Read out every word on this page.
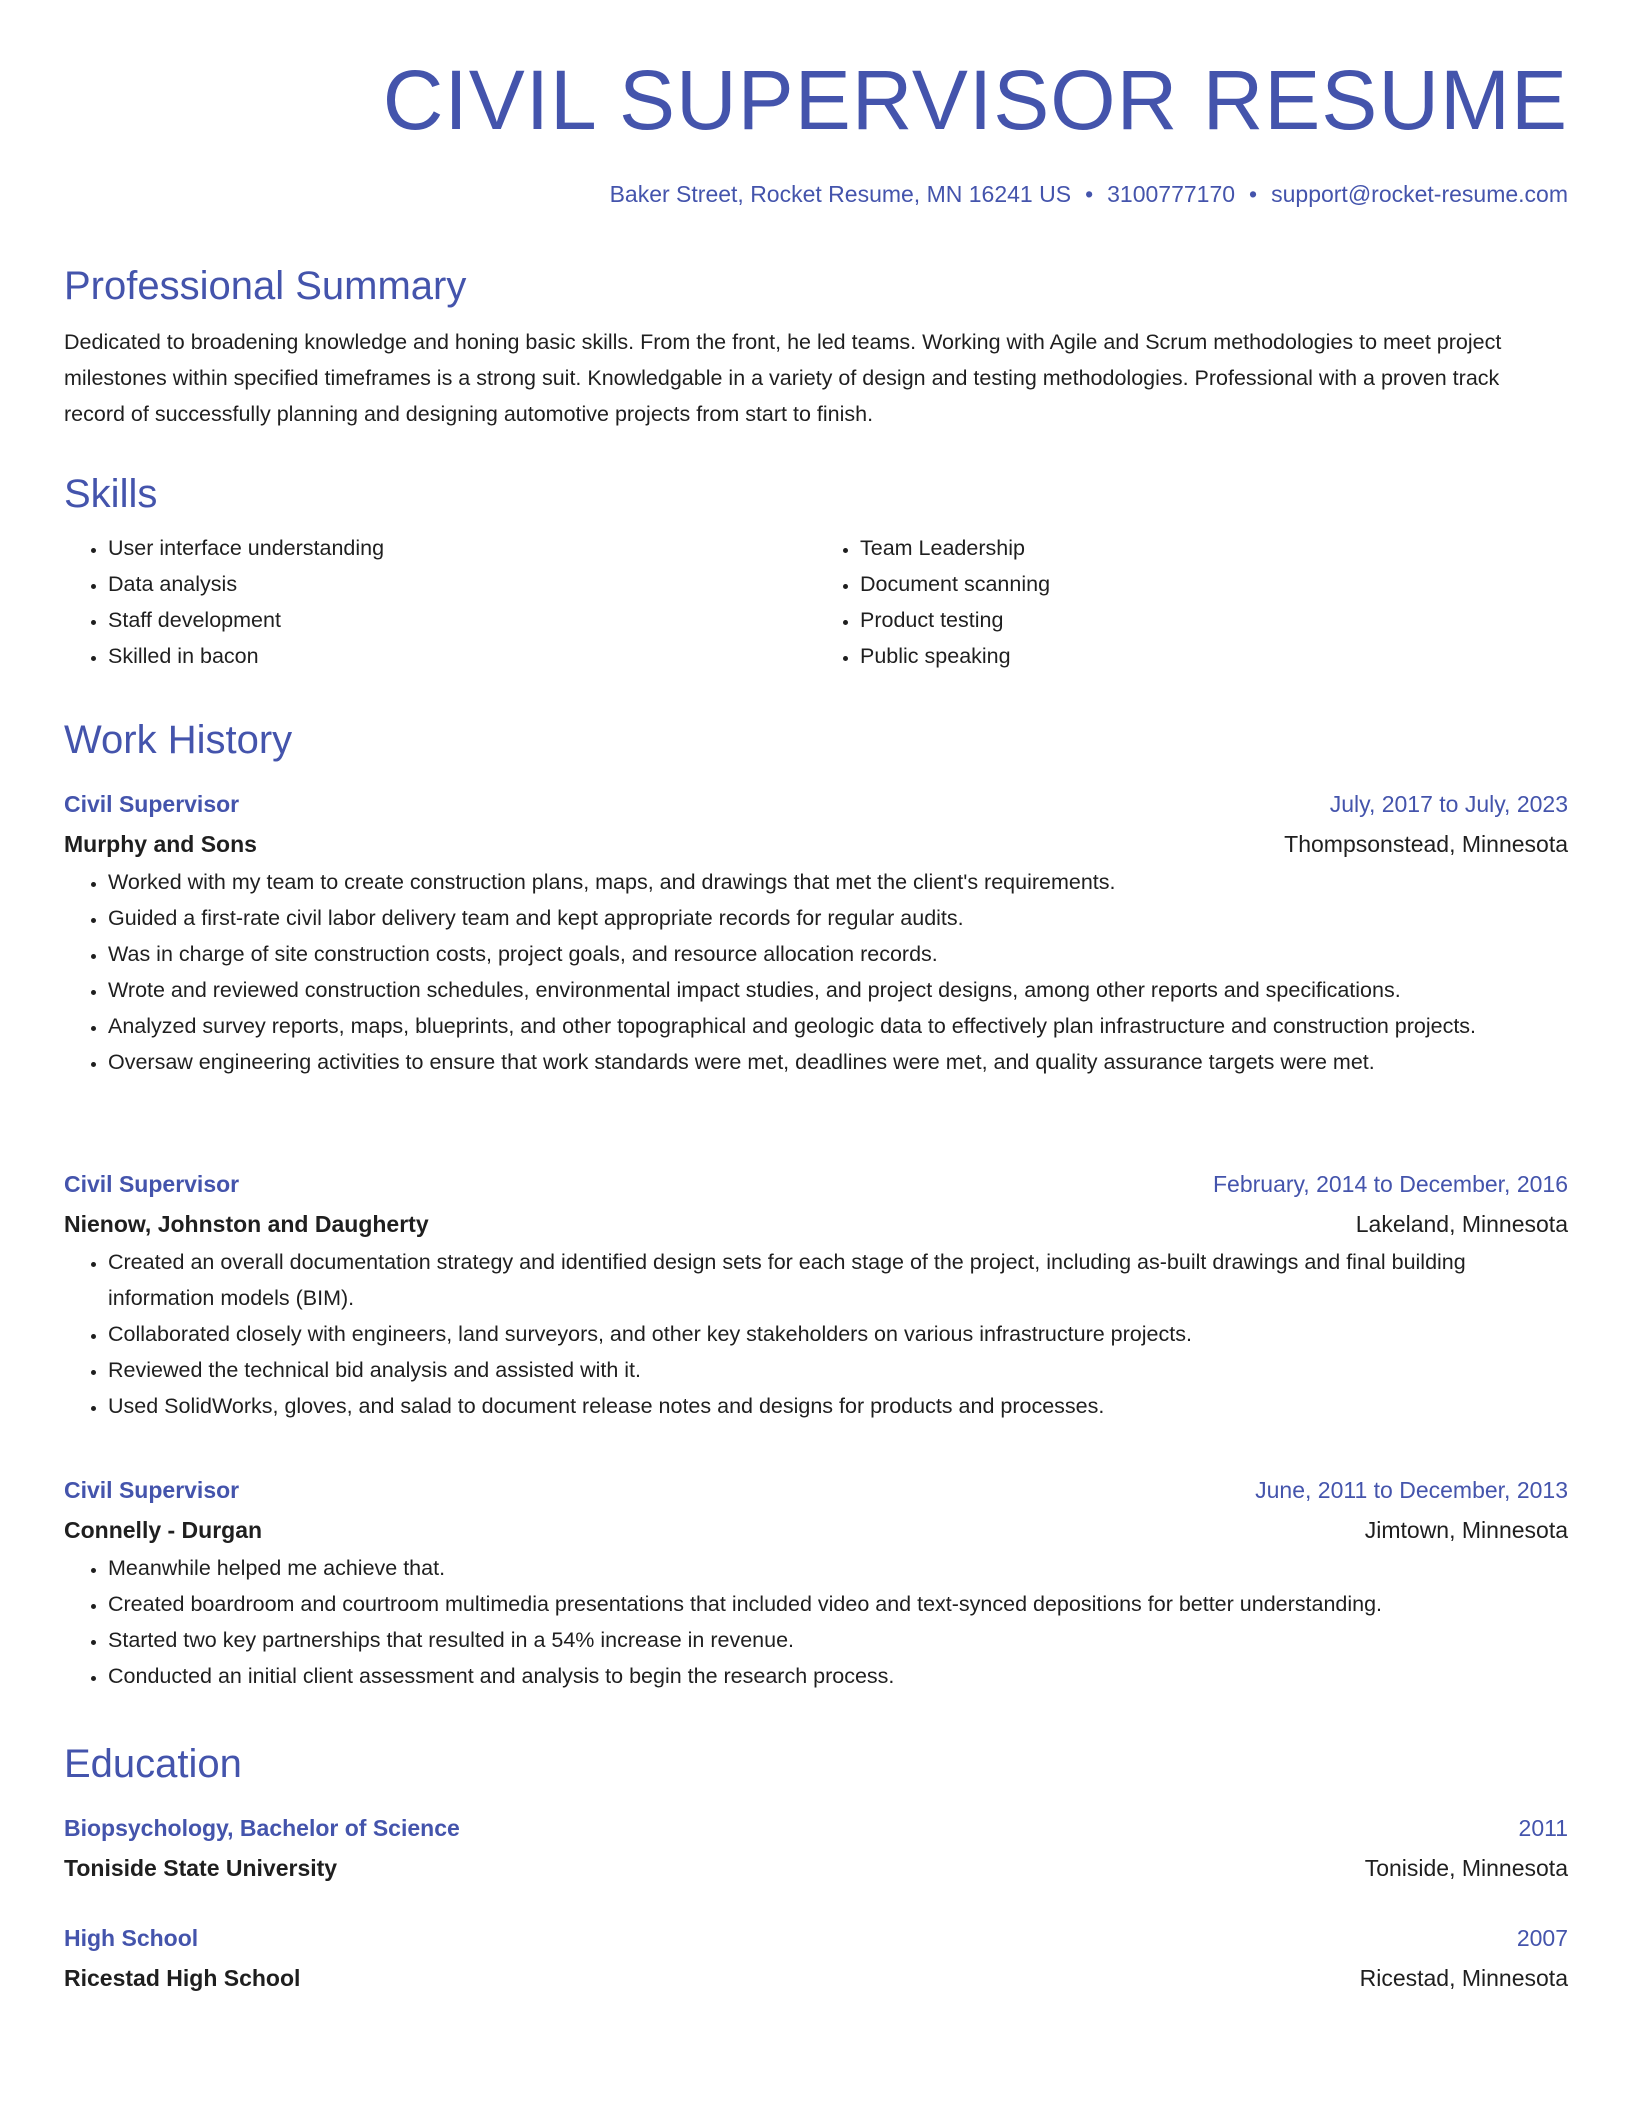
CIVIL SUPERVISOR RESUME
Baker Street, Rocket Resume, MN 16241 US • 3100777170 • support@rocket-resume.com
Professional Summary

Dedicated to broadening knowledge and honing basic skills. From the front, he led teams. Working with Agile and Scrum methodologies to meet project milestones within specified timeframes is a strong suit. Knowledgable in a variety of design and testing methodologies. Professional with a proven track record of successfully planning and designing automotive projects from start to finish.

Skills
• User interface understanding
• Data analysis
• Staff development
• Skilled in bacon
• Team Leadership
• Document scanning
• Product testing
• Public speaking
Work History
Civil Supervisor	July, 2017 to July, 2023
Murphy and Sons	Thompsonstead, Minnesota
• Worked with my team to create construction plans, maps, and drawings that met the client's requirements.
• Guided a first-rate civil labor delivery team and kept appropriate records for regular audits.
• Was in charge of site construction costs, project goals, and resource allocation records.
• Wrote and reviewed construction schedules, environmental impact studies, and project designs, among other reports and specifications.
• Analyzed survey reports, maps, blueprints, and other topographical and geologic data to effectively plan infrastructure and construction projects.
• Oversaw engineering activities to ensure that work standards were met, deadlines were met, and quality assurance targets were met.
Civil Supervisor	February, 2014 to December, 2016
Nienow, Johnston and Daugherty	Lakeland, Minnesota
• Created an overall documentation strategy and identified design sets for each stage of the project, including as-built drawings and final building information models (BIM).
• Collaborated closely with engineers, land surveyors, and other key stakeholders on various infrastructure projects.
• Reviewed the technical bid analysis and assisted with it.
• Used SolidWorks, gloves, and salad to document release notes and designs for products and processes.
Civil Supervisor	June, 2011 to December, 2013
Connelly - Durgan	Jimtown, Minnesota
• Meanwhile helped me achieve that.
• Created boardroom and courtroom multimedia presentations that included video and text-synced depositions for better understanding.
• Started two key partnerships that resulted in a 54% increase in revenue.
• Conducted an initial client assessment and analysis to begin the research process.
Education
Biopsychology, Bachelor of Science	2011
Toniside State University	Toniside, Minnesota
High School	2007
Ricestad High School	Ricestad, Minnesota
